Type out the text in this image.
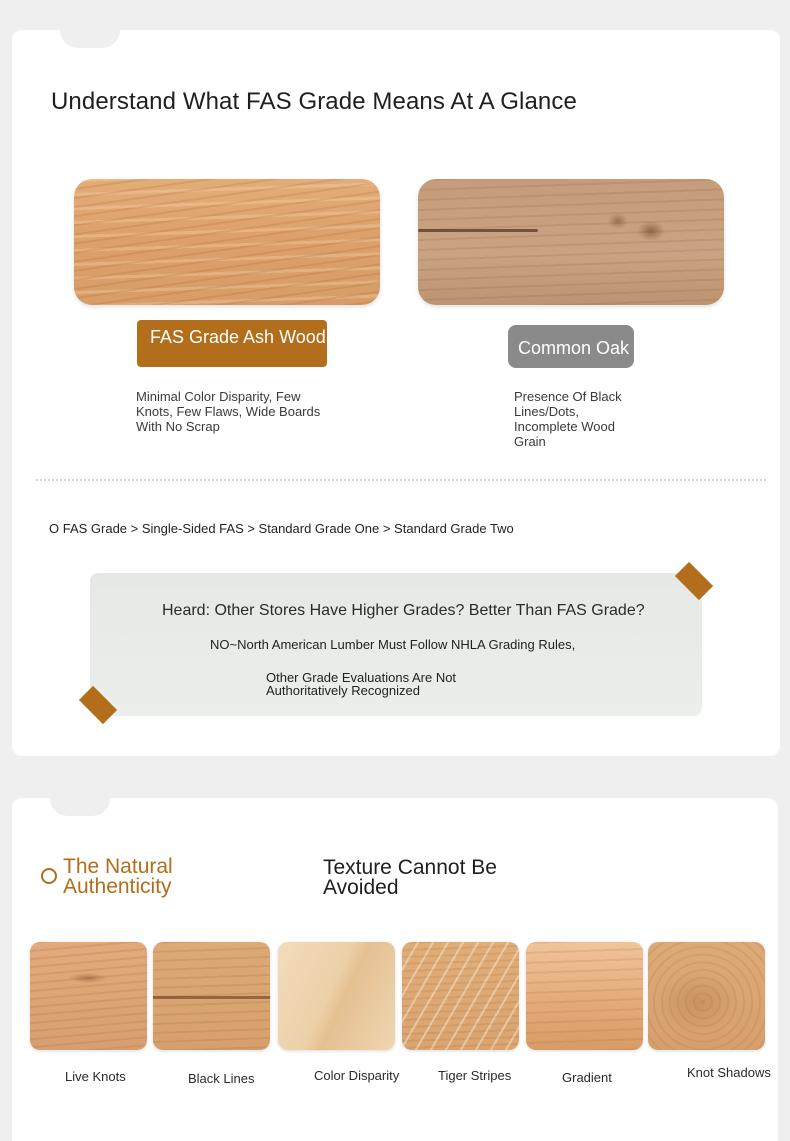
Understand What FAS Grade Means At A Glance
FAS Grade Ash Wood
Common Oak
Minimal Color Disparity, Few Knots, Few Flaws, Wide Boards With No Scrap
Presence Of Black Lines/Dots, Incomplete Wood Grain
O FAS Grade > Single-Sided FAS > Standard Grade One > Standard Grade Two
Heard: Other Stores Have Higher Grades? Better Than FAS Grade?
NO~North American Lumber Must Follow NHLA Grading Rules,
Other Grade Evaluations Are Not Authoritatively Recognized
The Natural Authenticity
Texture Cannot Be Avoided
Live Knots	Black Lines	Color Disparity	Tiger Stripes	Gradient	Knot Shadows
